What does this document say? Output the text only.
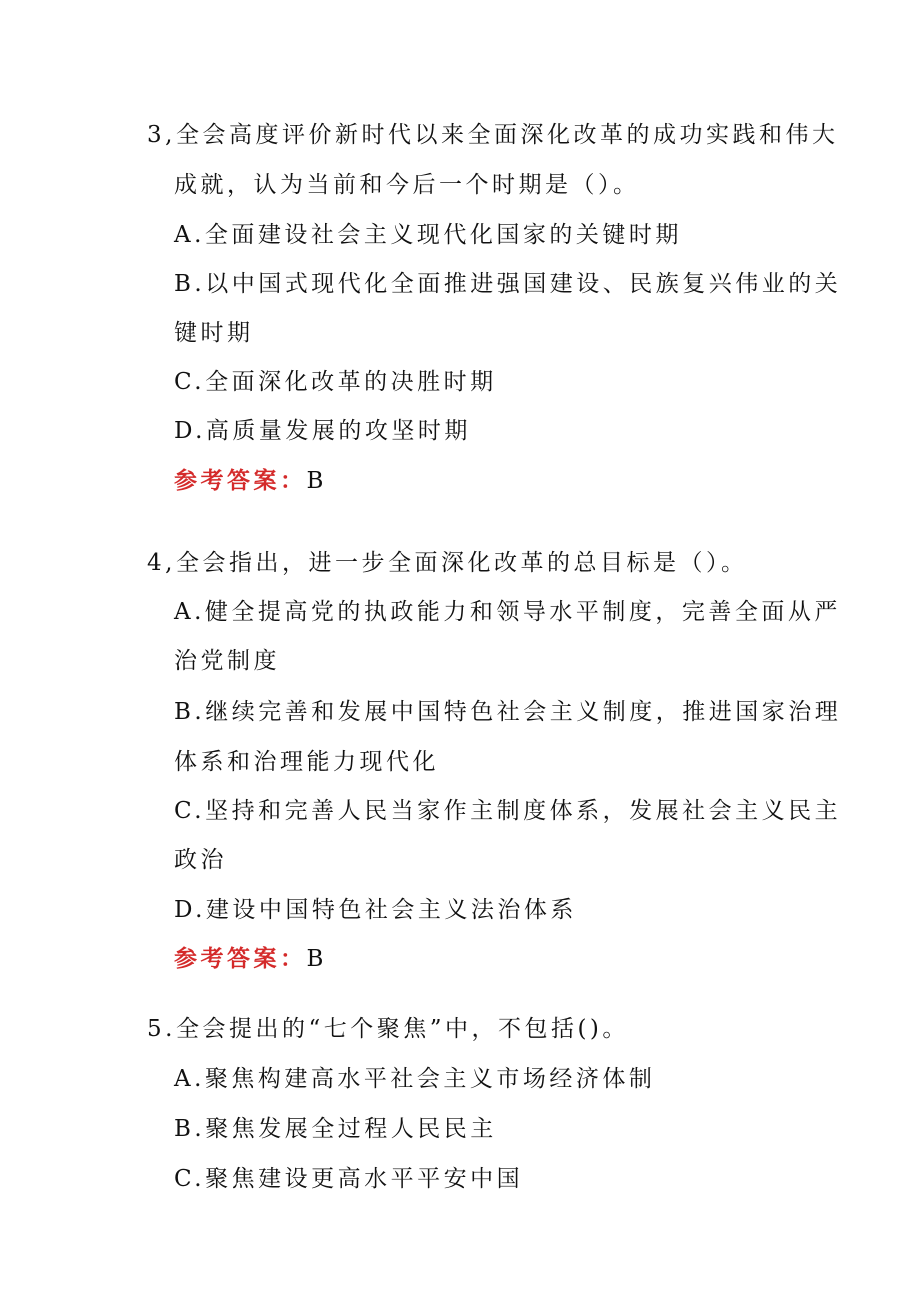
3,全会高度评价新时代以来全面深化改革的成功实践和伟大
成就，认为当前和今后一个时期是（）。
A.全面建设社会主义现代化国家的关键时期
B.以中国式现代化全面推进强国建设、民族复兴伟业的关
键时期
C.全面深化改革的决胜时期
D.高质量发展的攻坚时期
参考答案：B
4,全会指出，进一步全面深化改革的总目标是（）。
A.健全提高党的执政能力和领导水平制度，完善全面从严
治党制度
B.继续完善和发展中国特色社会主义制度，推进国家治理
体系和治理能力现代化
C.坚持和完善人民当家作主制度体系，发展社会主义民主
政治
D.建设中国特色社会主义法治体系
参考答案：B
5.全会提出的“七个聚焦”中，不包括()。
A.聚焦构建高水平社会主义市场经济体制
B.聚焦发展全过程人民民主
C.聚焦建设更高水平平安中国
